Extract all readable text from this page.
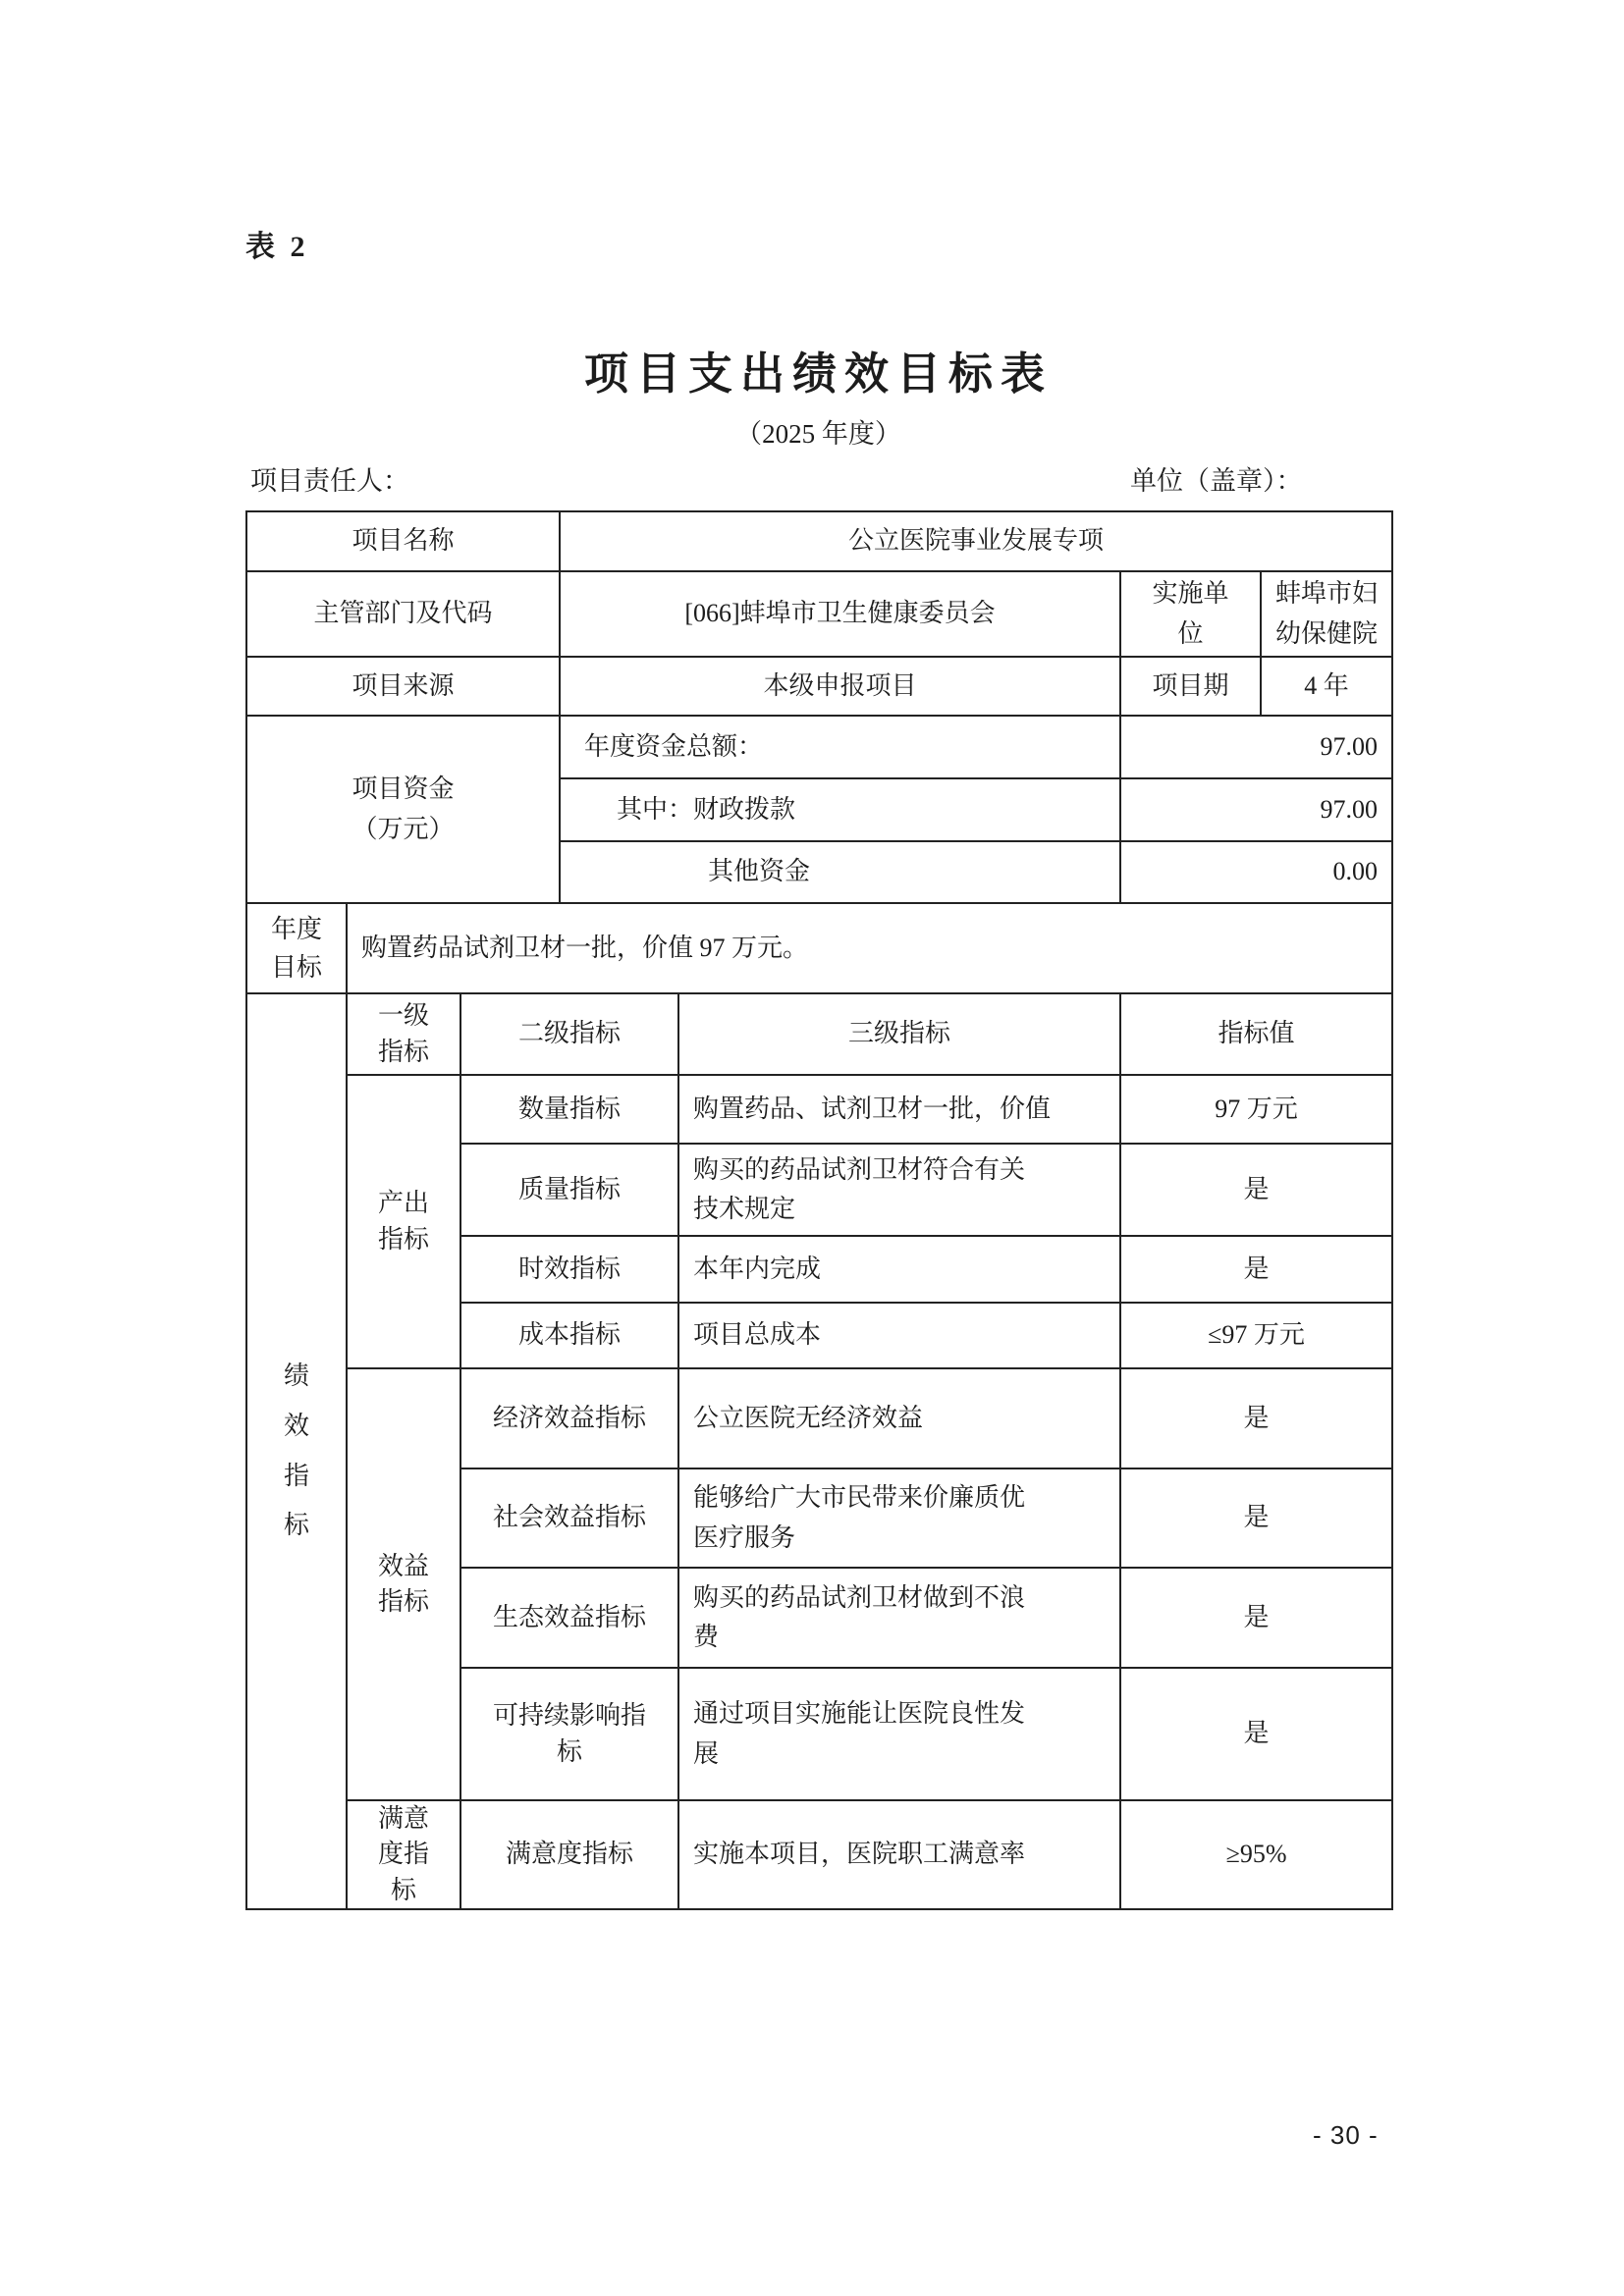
表 2
项目支出绩效目标表
（2025 年度）
项目责任人：	单位（盖章）：
项目名称			公立医院事业发展专项			
主管部门及代码			[066]蚌埠市卫生健康委员会		实施单位	蚌埠市妇幼保健院
项目来源			本级申报项目		项目期	4 年
项目资金（万元）			年度资金总额：		97.00	
			其中：财政拨款		97.00	
			其他资金		0.00	
年度目标	购置药品试剂卫材一批，价值 97 万元。					
绩效指标	一级指标	二级指标		三级指标	指标值	
	产出指标	数量指标		购置药品、试剂卫材一批，价值	97 万元	
		质量指标		购买的药品试剂卫材符合有关技术规定	是	
		时效指标		本年内完成	是	
		成本指标		项目总成本	≤97 万元	
	效益指标	经济效益指标		公立医院无经济效益	是	
		社会效益指标		能够给广大市民带来价廉质优医疗服务	是	
		生态效益指标		购买的药品试剂卫材做到不浪费	是	
		可持续影响指标		通过项目实施能让医院良性发展	是	
	满意度指标	满意度指标		实施本项目，医院职工满意率	≥95%	
- 30 -
